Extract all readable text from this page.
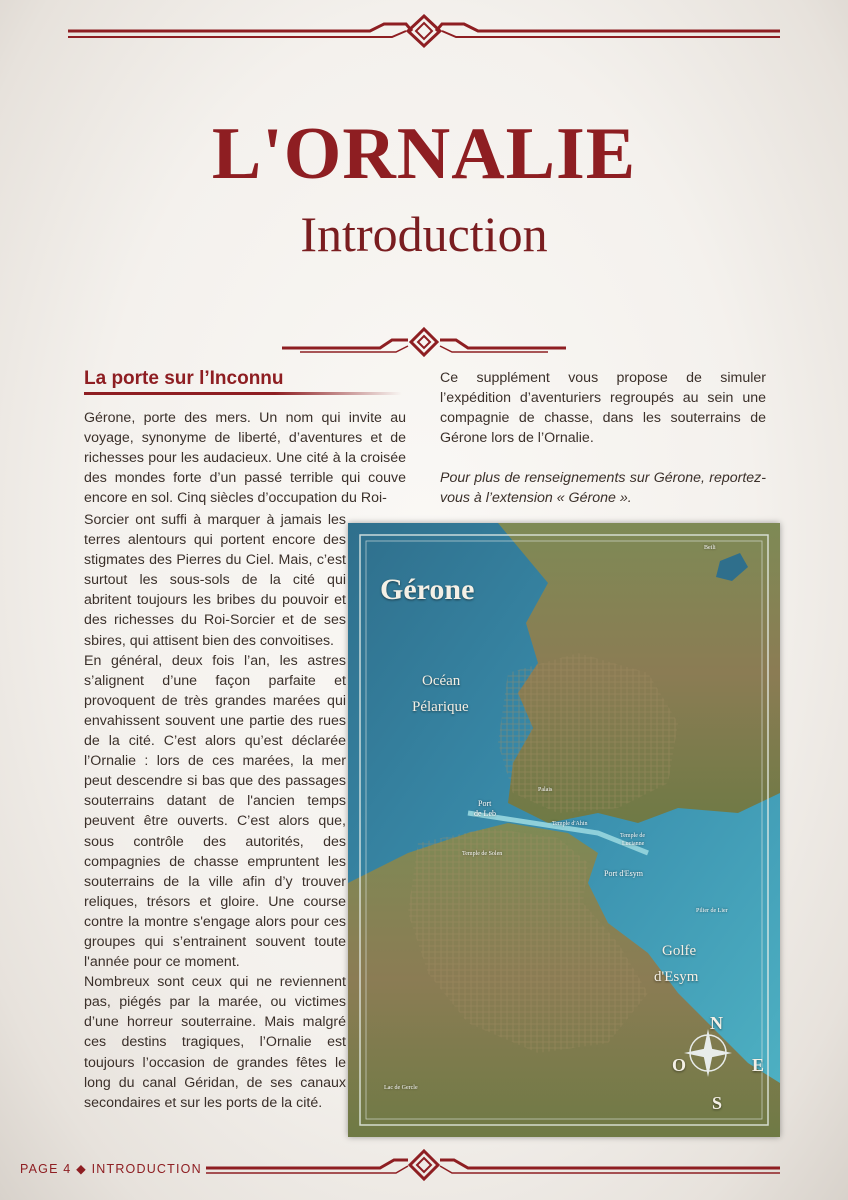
L'ORNALIE
Introduction
La porte sur l’Inconnu

Gérone, porte des mers. Un nom qui invite au voyage, synonyme de liberté, d’aventures et de richesses pour les audacieux. Une cité à la croisée des mondes forte d’un passé terrible qui couve encore en sol. Cinq siècles d’occupation du Roi-

Sorcier ont suffi à marquer à jamais les terres alentours qui portent encore des stigmates des Pierres du Ciel. Mais, c’est surtout les sous-sols de la cité qui abritent toujours les bribes du pouvoir et des richesses du Roi-Sorcier et de ses sbires, qui attisent bien des convoitises.

En général, deux fois l’an, les astres s’alignent d’une façon parfaite et provoquent de très grandes marées qui envahissent souvent une partie des rues de la cité. C’est alors qu’est déclarée l’Ornalie : lors de ces marées, la mer peut descendre si bas que des passages souterrains datant de l'ancien temps peuvent être ouverts. C’est alors que, sous contrôle des autorités, des compagnies de chasse empruntent les souterrains de la ville afin d’y trouver reliques, trésors et gloire. Une course contre la montre s'engage alors pour ces groupes qui s’entrainent souvent toute l'année pour ce moment.

Nombreux sont ceux qui ne reviennent pas, piégés par la marée, ou victimes d’une horreur souterraine. Mais malgré ces destins tragiques, l’Ornalie est toujours l’occasion de grandes fêtes le long du canal Géridan, de ses canaux secondaires et sur les ports de la cité.

Ce supplément vous propose de simuler l’expédition d’aventuriers regroupés au sein une compagnie de chasse, dans les souterrains de Gérone lors de l’Ornalie.

Pour plus de renseignements sur Gérone, reportez-vous à l’extension « Gérone ».

Gérone
Océan
Pélarique
Golfe
d'Esym
Port
de Leb
Port d'Esym
Palais
Temple d'Ahin
Temple de
Lucianne
Temple de Solen
Pilier de Lier
Lac de Gercle
Beili
N
S
E
O
PAGE 4 ◆ INTRODUCTION
